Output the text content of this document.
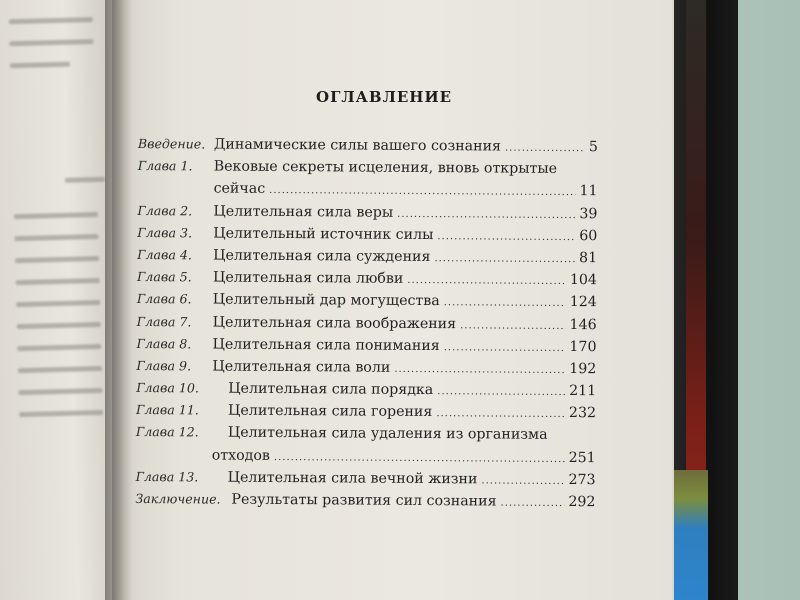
ОГЛАВЛЕНИЕ
Введение. Динамические силы вашего сознания .....	5
Глава 1. Вековые секреты исцеления, вновь открытые
сейчас .....	11
Глава 2. Целительная сила веры .....	39
Глава 3. Целительный источник силы .....	60
Глава 4. Целительная сила суждения .....	81
Глава 5. Целительная сила любви .....	104
Глава 6. Целительный дар могущества .....	124
Глава 7. Целительная сила воображения .....	146
Глава 8. Целительная сила понимания .....	170
Глава 9. Целительная сила воли .....	192
Глава 10. Целительная сила порядка .....	211
Глава 11. Целительная сила горения .....	232
Глава 12. Целительная сила удаления из организма
отходов .....	251
Глава 13. Целительная сила вечной жизни .....	273
Заключение. Результаты развития сил сознания .....	292
